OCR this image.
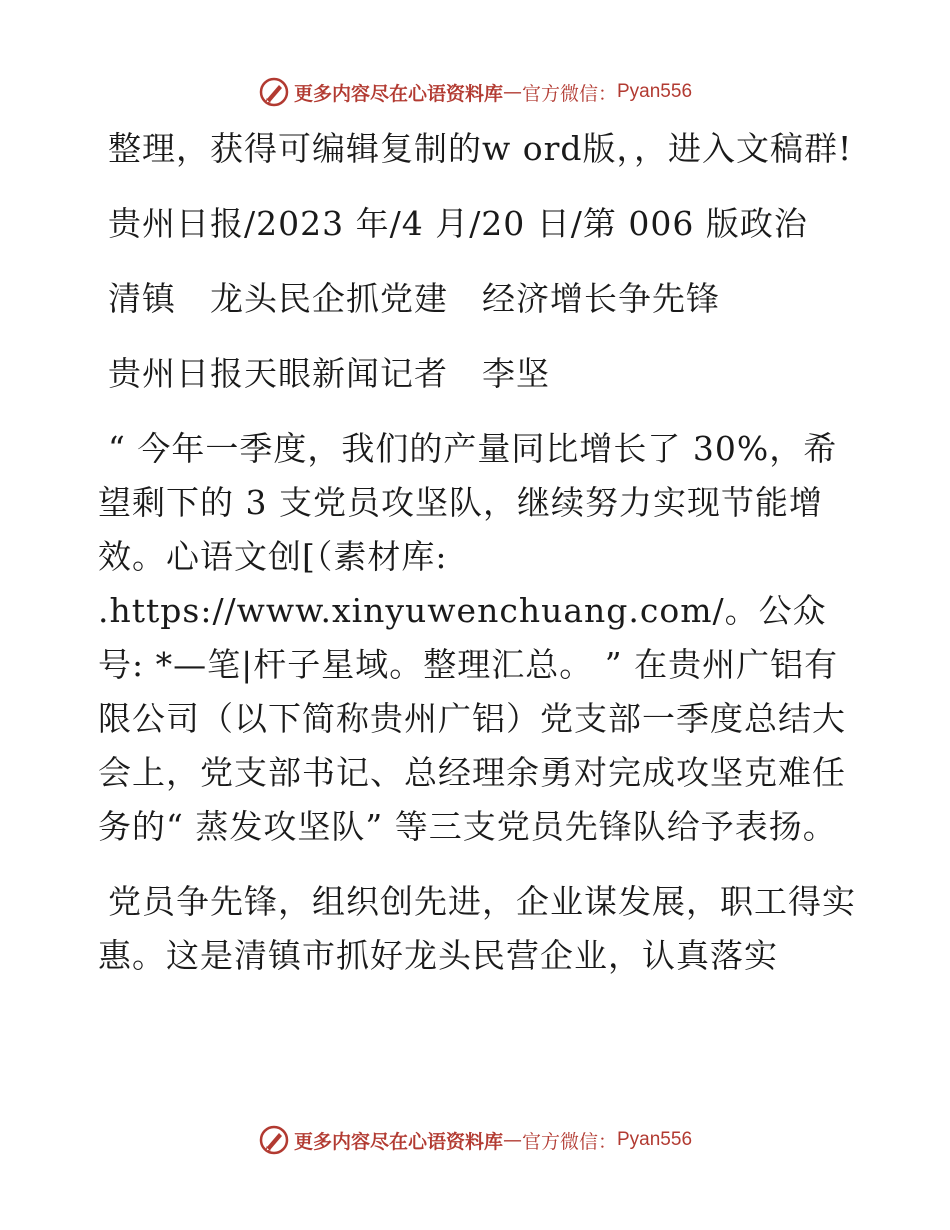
更多内容尽在心语资料库 — 官方微信： Pyan556

整理，获得可编辑复制的w ord版，，进入文稿群!

贵州日报/2023 年/4 月/20 日/第 006 版政治

清镇　龙头民企抓党建　经济增长争先锋

贵州日报天眼新闻记者　李坚

“ 今年一季度，我们的产量同比增长了 30%，希望剩下的 3 支党员攻坚队，继续努力实现节能增效。心语文创[（素材库: .https://www.xinyuwenchuang.com/。公众号: *—笔|杆子星域。整理汇总。 ” 在贵州广铝有限公司（以下简称贵州广铝）党支部一季度总结大会上，党支部书记、总经理余勇对完成攻坚克难任务的“ 蒸发攻坚队” 等三支党员先锋队给予表扬。

党员争先锋，组织创先进，企业谋发展，职工得实惠。这是清镇市抓好龙头民营企业，认真落实

更多内容尽在心语资料库 — 官方微信： Pyan556
